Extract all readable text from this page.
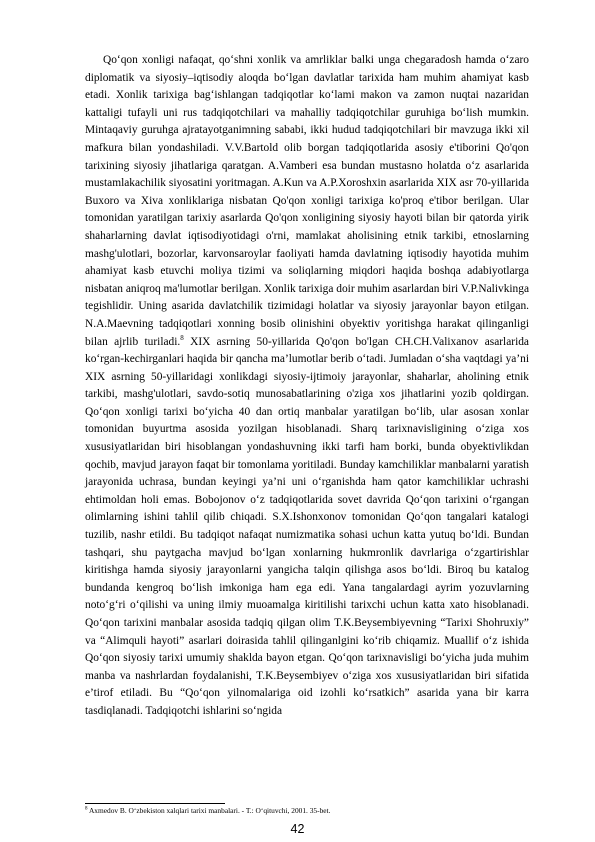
Qo‘qon xonligi nafaqat, qo‘shni xonlik va amrliklar balki unga chegaradosh hamda o‘zaro diplomatik va siyosiy–iqtisodiy aloqda bo‘lgan davlatlar tarixida ham muhim ahamiyat kasb etadi. Xonlik tarixiga bag‘ishlangan tadqiqotlar ko‘lami makon va zamon nuqtai nazaridan kattaligi tufayli uni rus tadqiqotchilari va mahalliy tadqiqotchilar guruhiga bo‘lish mumkin. Mintaqaviy guruhga ajratayotganimning sababi, ikki hudud tadqiqotchilari bir mavzuga ikki xil mafkura bilan yondashiladi. V.V.Bartold olib borgan tadqiqotlarida asosiy e'tiborini Qo'qon tarixining siyosiy jihatlariga qaratgan. A.Vamberi esa bundan mustasno holatda o‘z asarlarida mustamlakachilik siyosatini yoritmagan. A.Kun va A.P.Xoroshxin asarlarida XIX asr 70-yillarida Buxoro va Xiva xonliklariga nisbatan Qo'qon xonligi tarixiga ko'proq e'tibor berilgan. Ular tomonidan yaratilgan tarixiy asarlarda Qo'qon xonligining siyosiy hayoti bilan bir qatorda yirik shaharlarning davlat iqtisodiyotidagi o'rni, mamlakat aholisining etnik tarkibi, etnoslarning mashg'ulotlari, bozorlar, karvonsaroylar faoliyati hamda davlatning iqtisodiy hayotida muhim ahamiyat kasb etuvchi moliya tizimi va soliqlarning miqdori haqida boshqa adabiyotlarga nisbatan aniqroq ma'lumotlar berilgan. Xonlik tarixiga doir muhim asarlardan biri V.P.Nalivkinga tegishlidir. Uning asarida davlatchilik tizimidagi holatlar va siyosiy jarayonlar bayon etilgan. N.A.Maevning tadqiqotlari xonning bosib olinishini obyektiv yoritishga harakat qilinganligi bilan ajrlib turiladi.$^8$ XIX asrning 50-yillarida Qo'qon bo'lgan CH.CH.Valixanov asarlarida ko‘rgan-kechirganlari haqida bir qancha ma’lumotlar berib o‘tadi. Jumladan o‘sha vaqtdagi ya’ni XIX asrning 50-yillaridagi xonlikdagi siyosiy-ijtimoiy jarayonlar, shaharlar, aholining etnik tarkibi, mashg'ulotlari, savdo-sotiq munosabatlarining o'ziga xos jihatlarini yozib qoldirgan. Qo‘qon xonligi tarixi bo‘yicha 40 dan ortiq manbalar yaratilgan bo‘lib, ular asosan xonlar tomonidan buyurtma asosida yozilgan hisoblanadi. Sharq tarixnavisligining o‘ziga xos xususiyatlaridan biri hisoblangan yondashuvning ikki tarfi ham borki, bunda obyektivlikdan qochib, mavjud jarayon faqat bir tomonlama yoritiladi. Bunday kamchiliklar manbalarni yaratish jarayonida uchrasa, bundan keyingi ya’ni uni o‘rganishda ham qator kamchiliklar uchrashi ehtimoldan holi emas. Bobojonov o‘z tadqiqotlarida sovet davrida Qo‘qon tarixini o‘rgangan olimlarning ishini tahlil qilib chiqadi. S.X.Ishonxonov tomonidan Qo‘qon tangalari katalogi tuzilib, nashr etildi. Bu tadqiqot nafaqat numizmatika sohasi uchun katta yutuq bo‘ldi. Bundan tashqari, shu paytgacha mavjud bo‘lgan xonlarning hukmronlik davrlariga o‘zgartirishlar kiritishga hamda siyosiy jarayonlarni yangicha talqin qilishga asos bo‘ldi. Biroq bu katalog bundanda kengroq bo‘lish imkoniga ham ega edi. Yana tangalardagi ayrim yozuvlarning noto‘g‘ri o‘qilishi va uning ilmiy muoamalga kiritilishi tarixchi uchun katta xato hisoblanadi. Qo‘qon tarixini manbalar asosida tadqiq qilgan olim T.K.Beysembiyevning “Tarixi Shohruxiy” va “Alimquli hayoti” asarlari doirasida tahlil qilinganlgini ko‘rib chiqamiz. Muallif o‘z ishida Qo‘qon siyosiy tarixi umumiy shaklda bayon etgan. Qo‘qon tarixnavisligi bo‘yicha juda muhim manba va nashrlardan foydalanishi, T.K.Beysembiyev o‘ziga xos xususiyatlaridan biri sifatida e’tirof etiladi. Bu “Qo‘qon yilnomalariga oid izohli ko‘rsatkich” asarida yana bir karra tasdiqlanadi. Tadqiqotchi ishlarini so‘ngida

$^8$ Axmedov B. O‘zbekiston xalqlari tarixi manbalari. - T.: O‘qituvchi, 2001. 35-bet.
42
